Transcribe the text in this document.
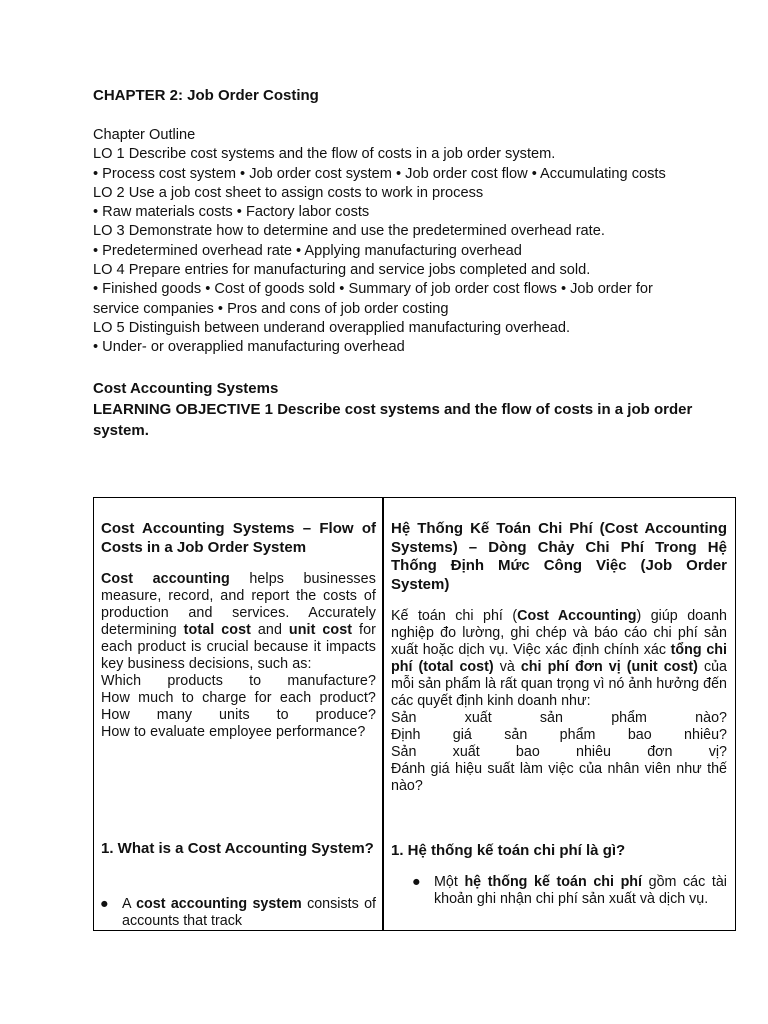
CHAPTER 2: Job Order Costing

Chapter Outline

LO 1 Describe cost systems and the flow of costs in a job order system.

• Process cost system • Job order cost system • Job order cost flow • Accumulating costs

LO 2 Use a job cost sheet to assign costs to work in process

• Raw materials costs • Factory labor costs

LO 3 Demonstrate how to determine and use the predetermined overhead rate.

• Predetermined overhead rate • Applying manufacturing overhead

LO 4 Prepare entries for manufacturing and service jobs completed and sold.

• Finished goods • Cost of goods sold • Summary of job order cost flows • Job order for service companies • Pros and cons of job order costing

LO 5 Distinguish between underand overapplied manufacturing overhead.

• Under- or overapplied manufacturing overhead

Cost Accounting Systems

LEARNING OBJECTIVE 1 Describe cost systems and the flow of costs in a job order system.

Cost Accounting Systems – Flow of Costs in a Job Order System

Cost accounting helps businesses measure, record, and report the costs of production and services. Accurately determining total cost and unit cost for each product is crucial because it impacts key business decisions, such as:
Which products to manufacture?
How much to charge for each product?
How many units to produce?
How to evaluate employee performance?

1. What is a Cost Accounting System?
● A cost accounting system consists of accounts that track
Hệ Thống Kế Toán Chi Phí (Cost Accounting Systems) – Dòng Chảy Chi Phí Trong Hệ Thống Định Mức Công Việc (Job Order System)

Kế toán chi phí (Cost Accounting) giúp doanh nghiệp đo lường, ghi chép và báo cáo chi phí sản xuất hoặc dịch vụ. Việc xác định chính xác tổng chi phí (total cost) và chi phí đơn vị (unit cost) của mỗi sản phẩm là rất quan trọng vì nó ảnh hưởng đến các quyết định kinh doanh như:
Sản xuất sản phẩm nào?
Định giá sản phẩm bao nhiêu?
Sản xuất bao nhiêu đơn vị?
Đánh giá hiệu suất làm việc của nhân viên như thế nào?

1. Hệ thống kế toán chi phí là gì?
● Một hệ thống kế toán chi phí gồm các tài khoản ghi nhận chi phí sản xuất và dịch vụ.
